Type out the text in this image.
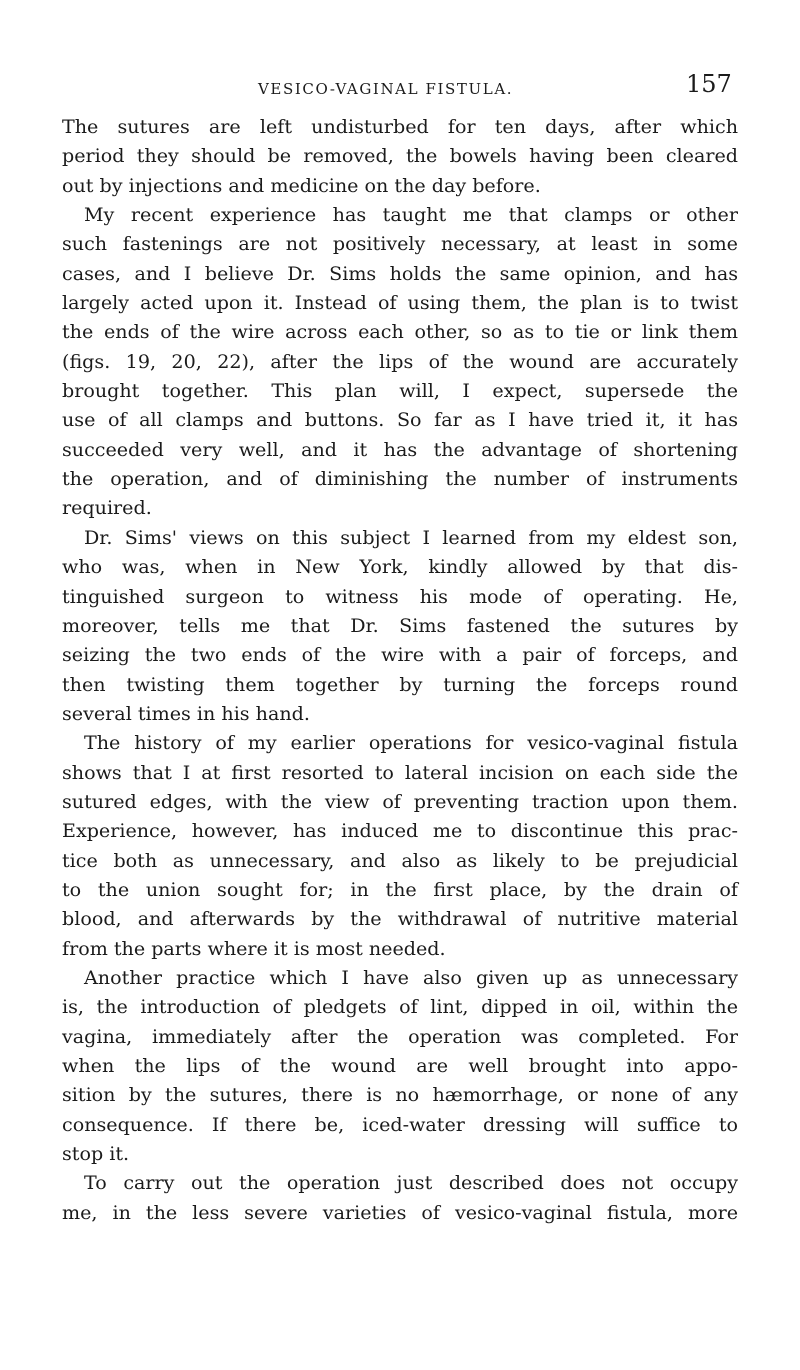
VESICO-VAGINAL FISTULA.	157
The sutures are left undisturbed for ten days, after which
period they should be removed, the bowels having been cleared
out by injections and medicine on the day before.
My recent experience has taught me that clamps or other
such fastenings are not positively necessary, at least in some
cases, and I believe Dr. Sims holds the same opinion, and has
largely acted upon it. Instead of using them, the plan is to twist
the ends of the wire across each other, so as to tie or link them
(figs. 19, 20, 22), after the lips of the wound are accurately
brought together. This plan will, I expect, supersede the
use of all clamps and buttons. So far as I have tried it, it has
succeeded very well, and it has the advantage of shortening
the operation, and of diminishing the number of instruments
required.
Dr. Sims' views on this subject I learned from my eldest son,
who was, when in New York, kindly allowed by that dis-
tinguished surgeon to witness his mode of operating. He,
moreover, tells me that Dr. Sims fastened the sutures by
seizing the two ends of the wire with a pair of forceps, and
then twisting them together by turning the forceps round
several times in his hand.
The history of my earlier operations for vesico-vaginal fistula
shows that I at first resorted to lateral incision on each side the
sutured edges, with the view of preventing traction upon them.
Experience, however, has induced me to discontinue this prac-
tice both as unnecessary, and also as likely to be prejudicial
to the union sought for; in the first place, by the drain of
blood, and afterwards by the withdrawal of nutritive material
from the parts where it is most needed.
Another practice which I have also given up as unnecessary
is, the introduction of pledgets of lint, dipped in oil, within the
vagina, immediately after the operation was completed. For
when the lips of the wound are well brought into appo-
sition by the sutures, there is no hæmorrhage, or none of any
consequence. If there be, iced-water dressing will suffice to
stop it.
To carry out the operation just described does not occupy
me, in the less severe varieties of vesico-vaginal fistula, more
